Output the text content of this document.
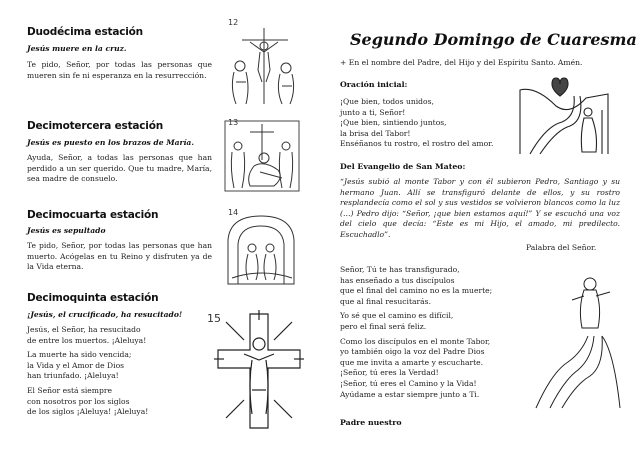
Duodécima estación
Jesús muere en la cruz.
Te pido, Señor, por todas las personas que mueren sin fe ni esperanza en la resurrección.
12
Decimotercera estación
Jesús es puesto en los brazos de María.
Ayuda, Señor, a todas las personas que han perdido a un ser querido. Que tu madre, María, sea madre de consuelo.
13
Decimocuarta estación
Jesús es sepultado
Te pido, Señor, por todas las personas que han muerto. Acógelas en tu Reino y disfruten ya de la Vida eterna.
14
Decimoquinta estación
¡Jesús, el crucificado, ha resucitado!
Jesús, el Señor, ha resucitado
de entre los muertos. ¡Aleluya!
La muerte ha sido vencida;
la Vida y el Amor de Dios
han triunfado. ¡Aleluya!
El Señor está siempre
con nosotros por los siglos
de los siglos ¡Aleluya! ¡Aleluya!
15
Segundo Domingo de Cuaresma
+ En el nombre del Padre, del Hijo y del Espíritu Santo. Amén.
Oración inicial:
¡Que bien, todos unidos,
junto a ti, Señor!
¡Que bien, sintiendo juntos,
la brisa del Tabor!
Enséñanos tu rostro, el rostro del amor.
Del Evangelio de San Mateo:
“Jesús subió al monte Tabor y con él subieron Pedro, Santiago y su hermano Juan. Allí se transfiguró delante de ellos, y su rostro resplandecía como el sol y sus vestidos se volvieron blancos como la luz (…) Pedro dijo: “Señor, ¡que bien estamos aquí!” Y se escuchó una voz del cielo que decía: “Este es mi Hijo, el amado, mi predilecto. Escuchadlo”.
Palabra del Señor.
Señor, Tú te has transfigurado,
has enseñado a tus discípulos
que el final del camino no es la muerte;
que al final resucitarás.
Yo sé que el camino es difícil,
pero el final será feliz.
Como los discípulos en el monte Tabor,
yo también oigo la voz del Padre Dios
que me invita a amarte y escucharte.
¡Señor, tú eres la Verdad!
¡Señor, tú eres el Camino y la Vida!
Ayúdame a estar siempre junto a Ti.
Padre nuestro
